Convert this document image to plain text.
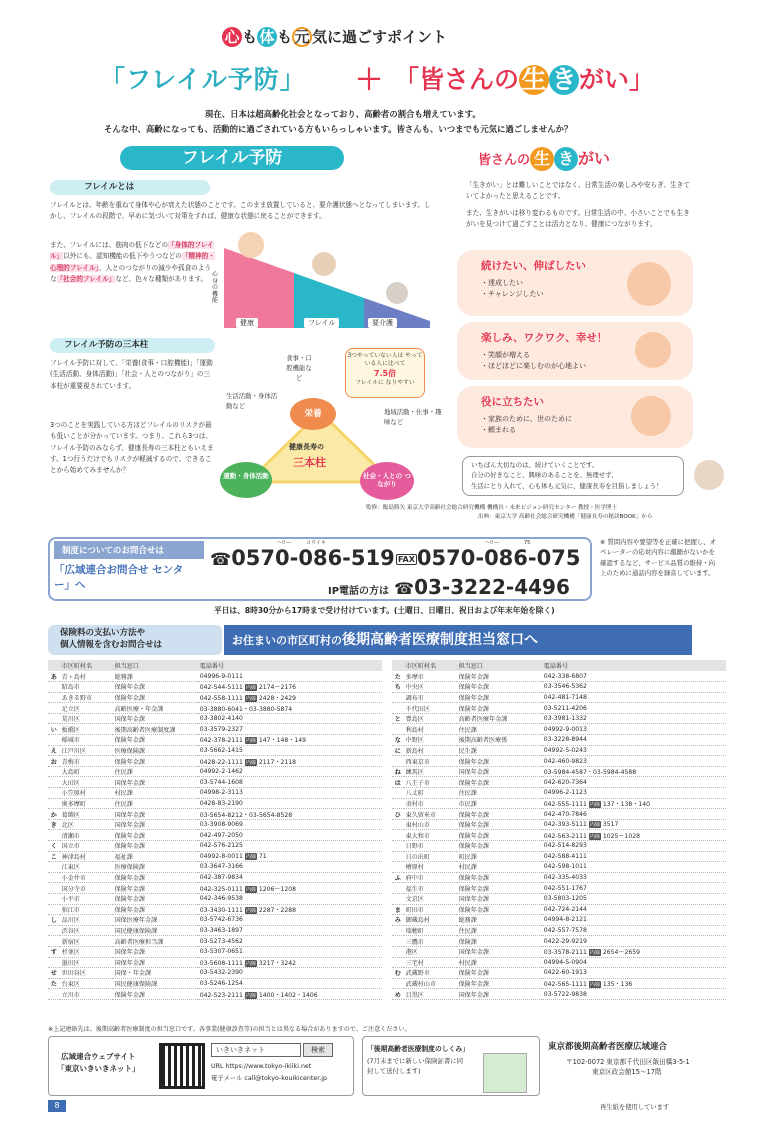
心 も 体 も 元 気に過ごすポイント
「フレイル予防」 ＋ 「皆さんの生 き がい」
現在、日本は超高齢化社会となっており、高齢者の割合も増えています。
そんな中、高齢になっても、活動的に過ごされている方もいらっしゃいます。皆さんも、いつまでも元気に過ごしませんか？
フレイル予防
フレイルとは
フレイルとは、年齢を重ねて身体や心が衰えた状態のことです。このまま放置していると、要介護状態へとなってしまいます。しかし、フレイルの段階で、早めに気づいて対策をすれば、健康な状態に戻ることができます。
また、フレイルには、筋肉の低下などの「身体的フレイル」以外にも、認知機能の低下やうつなどの「精神的・心理的フレイル」、人とのつながりの減少や孤食のような「社会的フレイル」など、色々な種類があります。
フレイル予防の三本柱
フレイル予防に対して、「栄養(食事・口腔機能)」「運動(生活活動、身体活動)」「社会・人とのつながり」の三本柱が重要視されています。
3つのことを実践している方ほどフレイルのリスクが最も低いことが分かっています。つまり、これら3つは、フレイル予防のみならず、健康長寿の三本柱ともいえます。1つ行うだけでもリスクが軽減するので、できることから始めてみませんか？
心身の機能
健康	フレイル	要介護
栄養
運動・身体活動	社会・人との つながり
健康長寿の
三本柱
食事・口腔機能など
生活活動・身体活動など
地域活動・仕事・趣味など
3つやっていない人は やっている人に比べて
7.5倍
フレイルに なりやすい
皆さんの 生 き がい
「生きがい」とは難しいことではなく、日常生活の楽しみや安らぎ、生きていてよかったと思えることです。
また、生きがいは移り変わるものです。日常生活の中、小さいことでも生きがいを見つけて過ごすことは活力となり、健康につながります。
続けたい、伸ばしたい
・達成したい
・チャレンジしたい
楽しみ、ワクワク、幸せ！
・笑顔が増える
・ほどほどに楽しむのが心地よい
役に立ちたい
・家族のために、世のために
・頼まれる
いちばん大切なのは、続けていくことです。
自分の好きなこと、興味のあることを、無理せず、
生活にとり入れて、心も体も元気に、健康長寿を目指しましょう！
監修：飯島勝矢 東京大学高齢社会総合研究機構 機構長・未来ビジョン研究センター 教授・医学博士
出典：東京大学 高齢社会総合研究機構「健康長寿の秘訣BOOK」から
制度についてのお問合せは
「広域連合お問合せ センター」へ
ハロー　　　コウイキ
☎0570-086-519
ハロー　　　　　75
FAX0570-086-075
IP電話の方は ☎03-3222-4496
※ 質問内容や要望等を正確に把握し、オペレーターの応対内容に齟齬がないかを確認するなど、サービス品質の維持・向上のために通話内容を録音しています。
平日は、8時30分から17時まで受け付けています。(土曜日、日曜日、祝日および年末年始を除く)
保険料の支払い方法や
個人情報を含むお問合せは	お住まいの市区町村の後期高齢者医療制度担当窓口へ
	市区町村名	担当窓口	電話番号
あ	青ヶ島村	総務課	04996-9-0111
	昭島市	保険年金課	042-544-5111 内線 2174～2176
	あきる野市	保険年金課	042-558-1111 内線 2428・2429
	足立区	高齢医療・年金課	03-3880-6041・03-3880-5874
	荒川区	国保年金課	03-3802-4140
い	板橋区	後期高齢者医療制度課	03-3579-2327
	稲城市	保険年金課	042-378-2111 内線 147・148・149
え	江戸川区	医療保険課	03-5662-1415
お	青梅市	保険年金課	0428-22-1111 内線 2117・2118
	大島町	住民課	04992-2-1462
	大田区	国保年金課	03-5744-1608
	小笠原村	村民課	04998-2-3113
	奥多摩町	住民課	0428-83-2190
か	葛飾区	国保年金課	03-5654-8212・03-5654-8528
き	北区	国保年金課	03-3908-9069
	清瀬市	保険年金課	042-497-2050
く	国立市	保険年金課	042-576-2125
こ	神津島村	福祉課	04992-8-0011 内線 71
	江東区	医療保険課	03-3647-3166
	小金井市	保険年金課	042-387-9834
	国分寺市	保険年金課	042-325-0111 内線 1206～1208
	小平市	保険年金課	042-346-9538
	狛江市	保険年金課	03-3430-1111 内線 2287・2288
し	品川区	国保医療年金課	03-5742-6736
	渋谷区	国民健康保険課	03-3463-1897
	新宿区	高齢者医療担当課	03-5273-4562
す	杉並区	国保年金課	03-5307-0651
	墨田区	国保年金課	03-5608-1111 内線 3217・3242
せ	世田谷区	国保・年金課	03-5432-2390
た	台東区	国民健康保険課	03-5246-1254
	立川市	保険年金課	042-523-2111 内線 1400・1402・1406
	市区町村名	担当窓口	電話番号
た	多摩市	保険年金課	042-338-6807
ち	中央区	保険年金課	03-3546-5362
	調布市	保険年金課	042-481-7148
	千代田区	保険年金課	03-5211-4206
と	豊島区	高齢者医療年金課	03-3981-1332
	利島村	住民課	04992-9-0013
な	中野区	後期高齢者医療係	03-3228-8944
に	新島村	民生課	04992-5-0243
	西東京市	保険年金課	042-460-9823
ね	練馬区	国保年金課	03-5984-4587・03-5984-4588
は	八王子市	保険年金課	042-620-7364
	八丈町	住民課	04996-2-1123
	羽村市	市民課	042-555-1111 内線 137・138・140
ひ	東久留米市	保険年金課	042-470-7846
	東村山市	保険年金課	042-393-5111 内線 3517
	東大和市	保険年金課	042-563-2111 内線 1025～1028
	日野市	保険年金課	042-514-8293
	日の出町	町民課	042-588-4111
	檜原村	村民課	042-598-1011
ふ	府中市	保険年金課	042-335-4033
	福生市	保険年金課	042-551-1767
	文京区	国保年金課	03-5803-1205
ま	町田市	保険年金課	042-724-2144
み	御蔵島村	総務課	04994-8-2121
	瑞穂町	住民課	042-557-7578
	三鷹市	保険課	0422-29-9219
	港区	国保年金課	03-3578-2111 内線 2654～2659
	三宅村	村民課	04994-5-0904
む	武蔵野市	保険年金課	0422-60-1913
	武蔵村山市	保険年金課	042-565-1111 内線 135・136
め	目黒区	国保年金課	03-5722-9838
※上記連絡先は、後期高齢者医療制度の担当窓口です。各事業(健康診査等)の担当とは異なる場合がありますので、ご注意ください。
広域連合ウェブサイト
「東京いきいきネット」
いきいきネット	検索
URL https://www.tokyo-ikiiki.net
電子メール call@tokyo-kouikicenter.jp
「後期高齢者医療制度のしくみ」
(7月末までに新しい保険証書に同封して送付します)
東京都後期高齢者医療広域連合
〒102-0072 東京都千代田区飯田橋3-5-1
東京区政会館15～17階
8	再生紙を使用しています
